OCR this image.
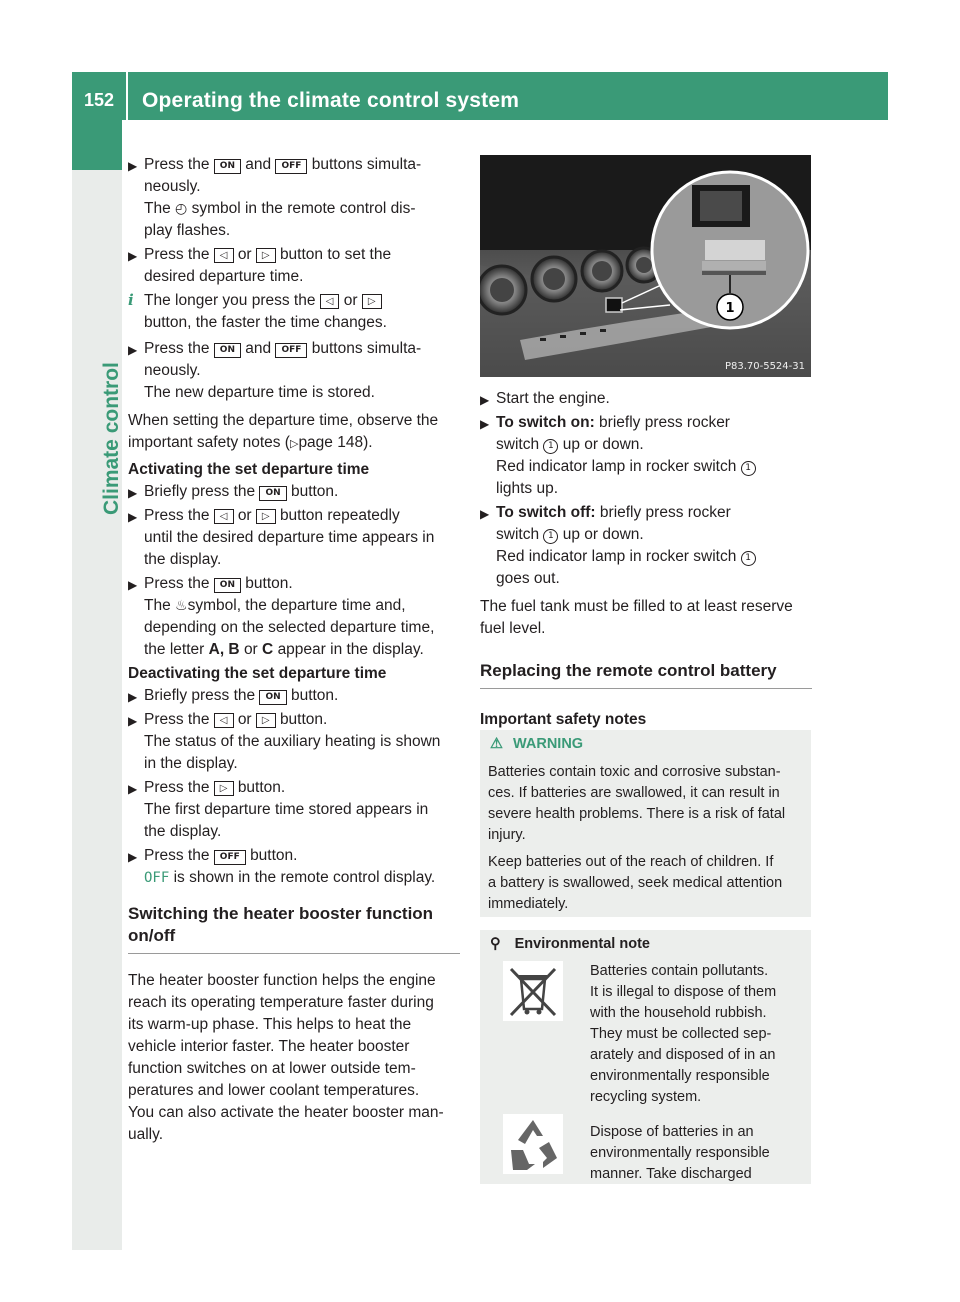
152	Operating the climate control system
Climate control
▶ Press the ON and OFF buttons simulta-

neously.

The ◴ symbol in the remote control dis-

play flashes.

▶ Press the ◁ or ▷ button to set the

desired departure time.

i The longer you press the ◁ or ▷

button, the faster the time changes.

▶ Press the ON and OFF buttons simulta-

neously.

The new departure time is stored.

When setting the departure time, observe the

important safety notes (▷page 148).

Activating the set departure time

▶ Briefly press the ON button.

▶ Press the ◁ or ▷ button repeatedly

until the desired departure time appears in

the display.

▶ Press the ON button.

The ♨symbol, the departure time and,

depending on the selected departure time,

the letter A, B or C appear in the display.

Deactivating the set departure time

▶ Briefly press the ON button.

▶ Press the ◁ or ▷ button.

The status of the auxiliary heating is shown

in the display.

▶ Press the ▷ button.

The first departure time stored appears in

the display.

▶ Press the OFF button.

OFF is shown in the remote control display.

Switching the heater booster function
on/off

The heater booster function helps the engine

reach its operating temperature faster during

its warm-up phase. This helps to heat the

vehicle interior faster. The heater booster

function switches on at lower outside tem-

peratures and lower coolant temperatures.

You can also activate the heater booster man-

ually.

1
P83.70-5524-31
▶ Start the engine.

▶ To switch on: briefly press rocker

switch 1 up or down.

Red indicator lamp in rocker switch 1

lights up.

▶ To switch off: briefly press rocker

switch 1 up or down.

Red indicator lamp in rocker switch 1

goes out.

The fuel tank must be filled to at least reserve

fuel level.

Replacing the remote control battery

Important safety notes

⚠ WARNING

Batteries contain toxic and corrosive substan-
ces. If batteries are swallowed, it can result in
severe health problems. There is a risk of fatal
injury.

Keep batteries out of the reach of children. If
a battery is swallowed, seek medical attention
immediately.

⚲ Environmental note
Batteries contain pollutants.
It is illegal to dispose of them
with the household rubbish.
They must be collected sep-
arately and disposed of in an
environmentally responsible
recycling system.
Dispose of batteries in an
environmentally responsible
manner. Take discharged
